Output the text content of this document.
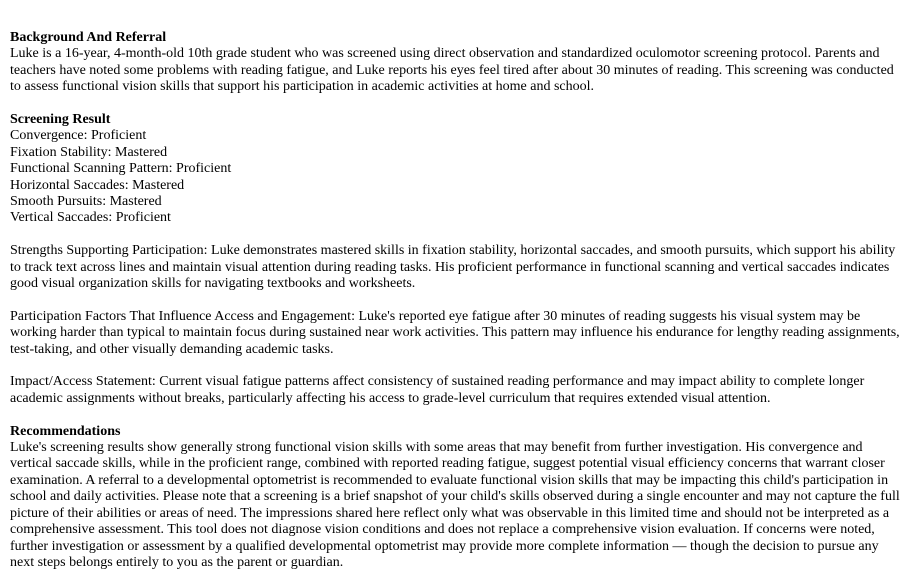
Background And Referral

Luke is a 16-year, 4-month-old 10th grade student who was screened using direct observation and standardized oculomotor screening protocol. Parents and teachers have noted some problems with reading fatigue, and Luke reports his eyes feel tired after about 30 minutes of reading. This screening was conducted to assess functional vision skills that support his participation in academic activities at home and school.

Screening Result
Convergence : Proficient
Fixation Stability : Mastered
Functional Scanning Pattern : Proficient
Horizontal Saccades : Mastered
Smooth Pursuits : Mastered
Vertical Saccades : Proficient

Strengths Supporting Participation: Luke demonstrates mastered skills in fixation stability, horizontal saccades, and smooth pursuits, which support his ability to track text across lines and maintain visual attention during reading tasks. His proficient performance in functional scanning and vertical saccades indicates good visual organization skills for navigating textbooks and worksheets.

Participation Factors That Influence Access and Engagement: Luke's reported eye fatigue after 30 minutes of reading suggests his visual system may be working harder than typical to maintain focus during sustained near work activities. This pattern may influence his endurance for lengthy reading assignments, test-taking, and other visually demanding academic tasks.

Impact/Access Statement: Current visual fatigue patterns affect consistency of sustained reading performance and may impact ability to complete longer academic assignments without breaks, particularly affecting his access to grade-level curriculum that requires extended visual attention.

Recommendations

Luke's screening results show generally strong functional vision skills with some areas that may benefit from further investigation. His convergence and vertical saccade skills, while in the proficient range, combined with reported reading fatigue, suggest potential visual efficiency concerns that warrant closer examination. A referral to a developmental optometrist is recommended to evaluate functional vision skills that may be impacting this child's participation in school and daily activities. Please note that a screening is a brief snapshot of your child's skills observed during a single encounter and may not capture the full picture of their abilities or areas of need. The impressions shared here reflect only what was observable in this limited time and should not be interpreted as a comprehensive assessment. This tool does not diagnose vision conditions and does not replace a comprehensive vision evaluation. If concerns were noted, further investigation or assessment by a qualified developmental optometrist may provide more complete information — though the decision to pursue any next steps belongs entirely to you as the parent or guardian.
